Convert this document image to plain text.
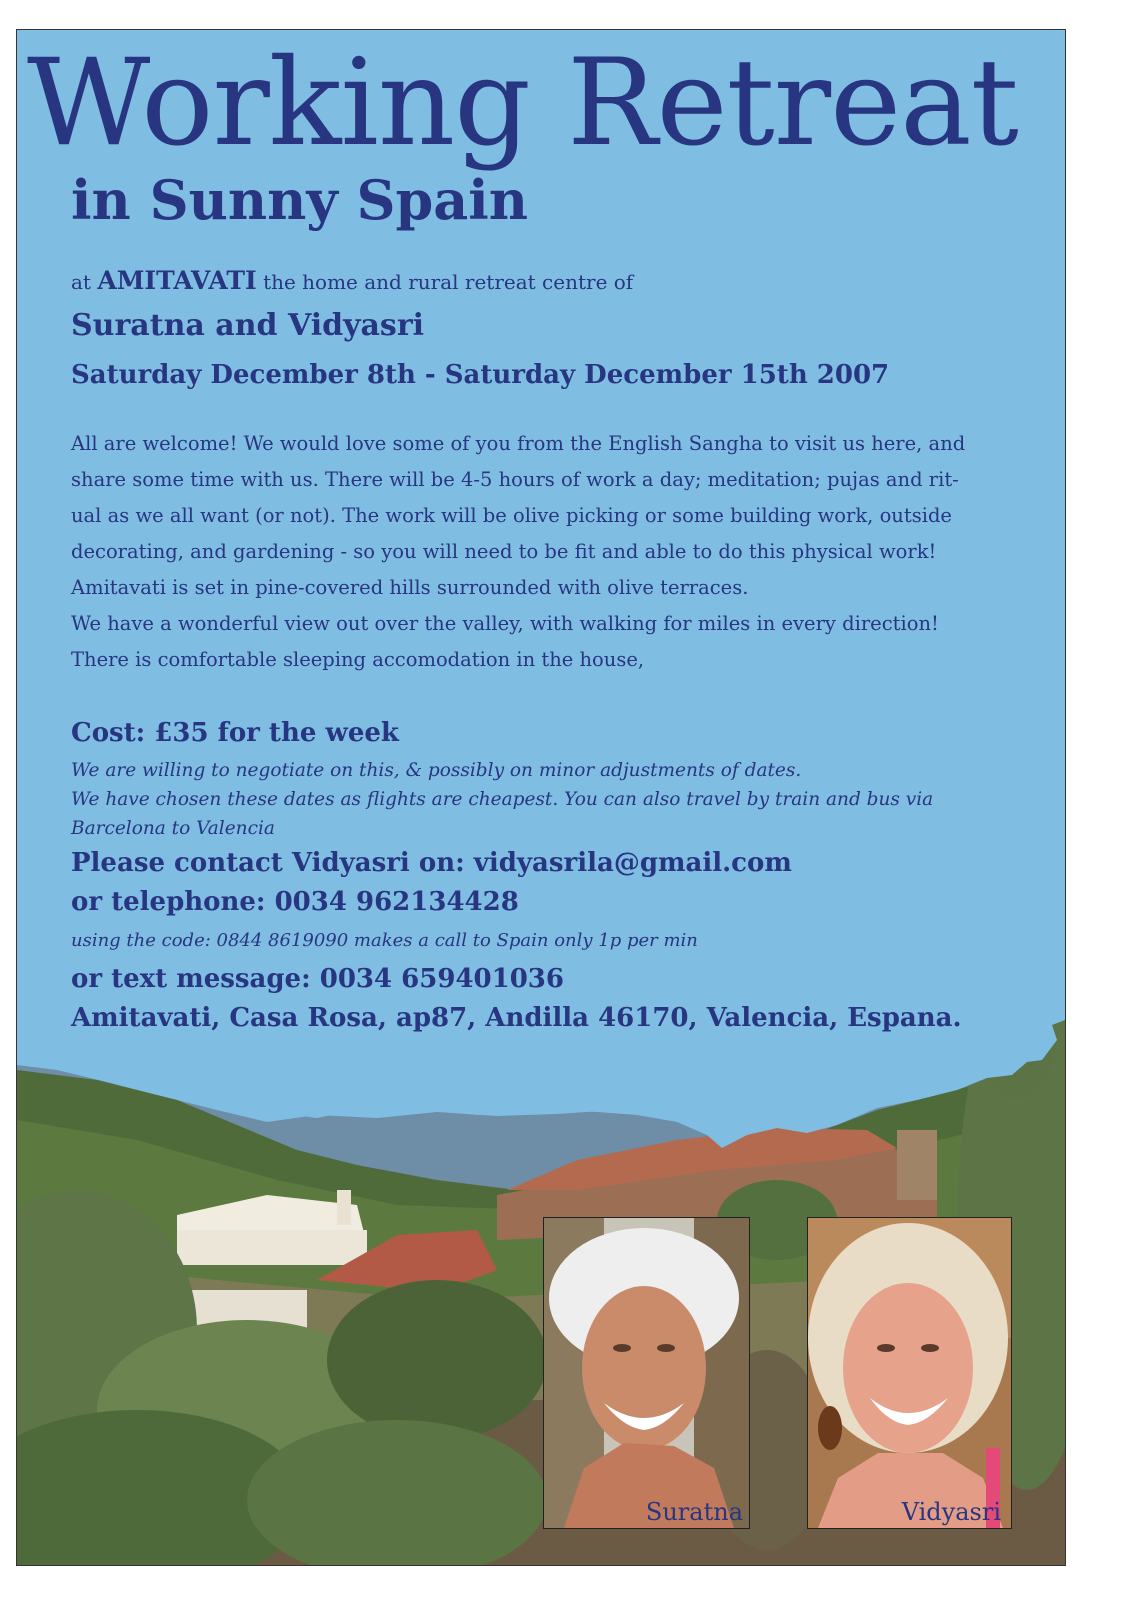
Working Retreat
in Sunny Spain
at AMITAVATI the home and rural retreat centre of
Suratna and Vidyasri
Saturday December 8th - Saturday December 15th 2007
All are welcome! We would love some of you from the English Sangha to visit us here, and
share some time with us. There will be 4-5 hours of work a day; meditation; pujas and rit-
ual as we all want (or not). The work will be olive picking or some building work, outside
decorating, and gardening - so you will need to be fit and able to do this physical work!
Amitavati is set in pine-covered hills surrounded with olive terraces.
We have a wonderful view out over the valley, with walking for miles in every direction!
There is comfortable sleeping accomodation in the house,
Cost: £35 for the week
We are willing to negotiate on this, & possibly on minor adjustments of dates.
We have chosen these dates as flights are cheapest. You can also travel by train and bus via
Barcelona to Valencia
Please contact Vidyasri on: vidyasrila@gmail.com
or telephone: 0034 962134428
using the code: 0844 8619090 makes a call to Spain only 1p per min
or text message: 0034 659401036
Amitavati, Casa Rosa, ap87, Andilla 46170, Valencia, Espana.
Suratna	Vidyasri
